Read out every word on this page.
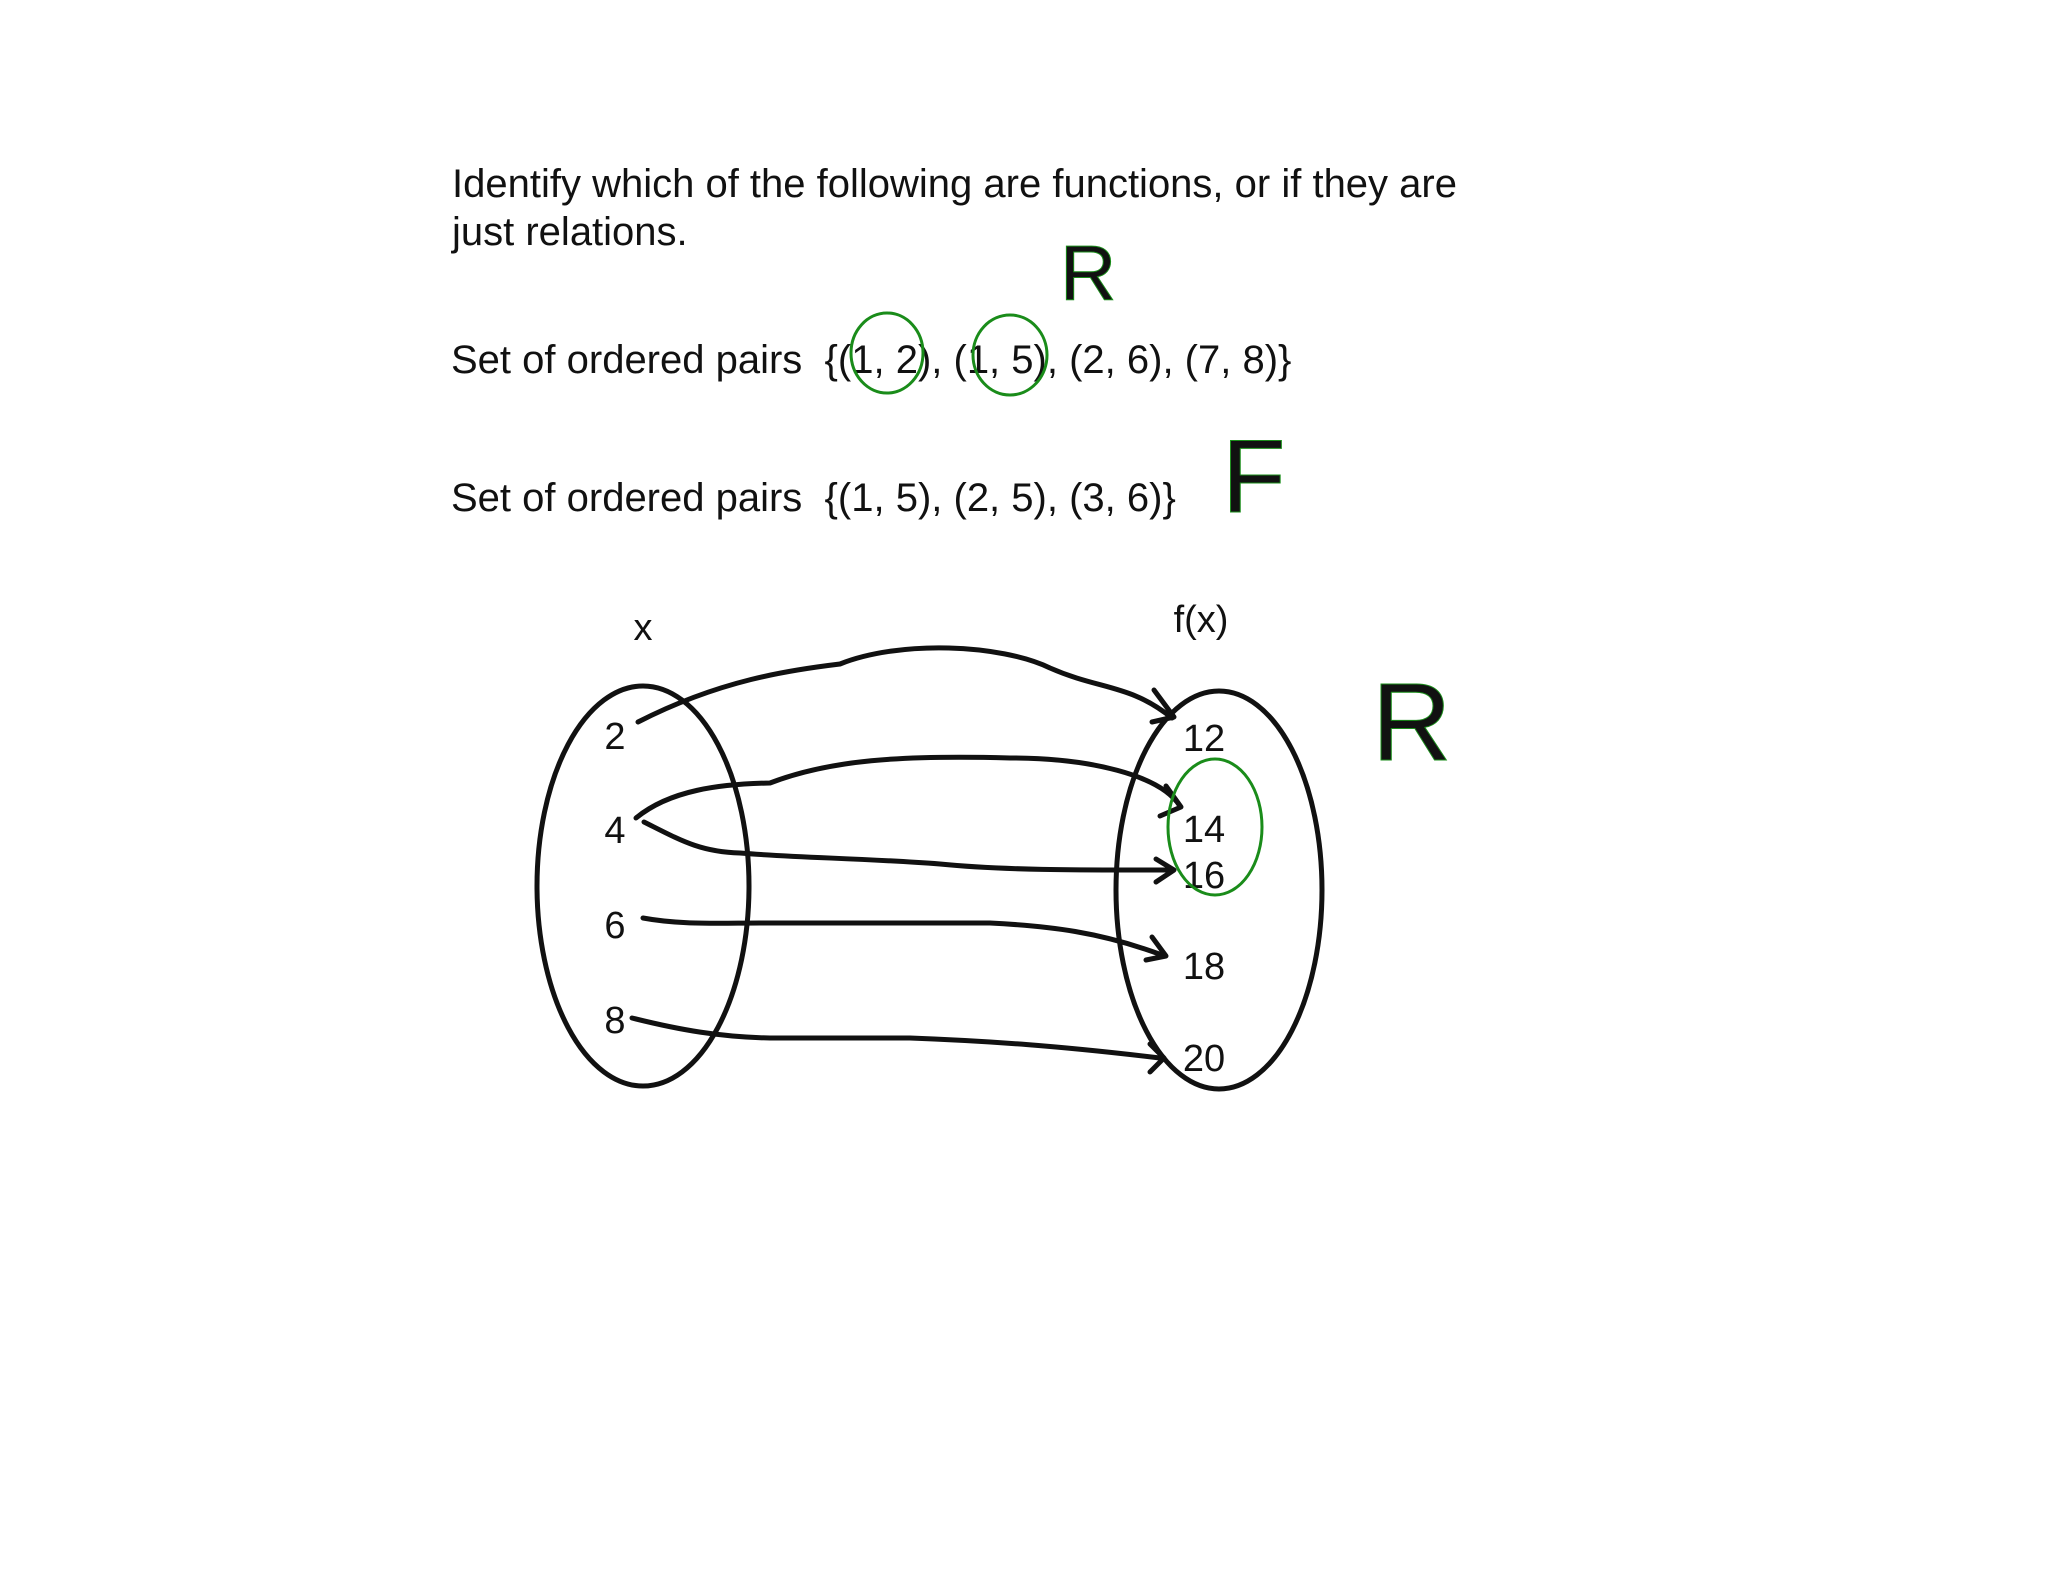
Identify which of the following are functions, or if they are
just relations.
Set of ordered pairs {(1, 2), (1, 5), (2, 6), (7, 8)}
Set of ordered pairs {(1, 5), (2, 5), (3, 6)}
R
F
x	f(x)
2
4
6
8
12
14
16
18
20
R
